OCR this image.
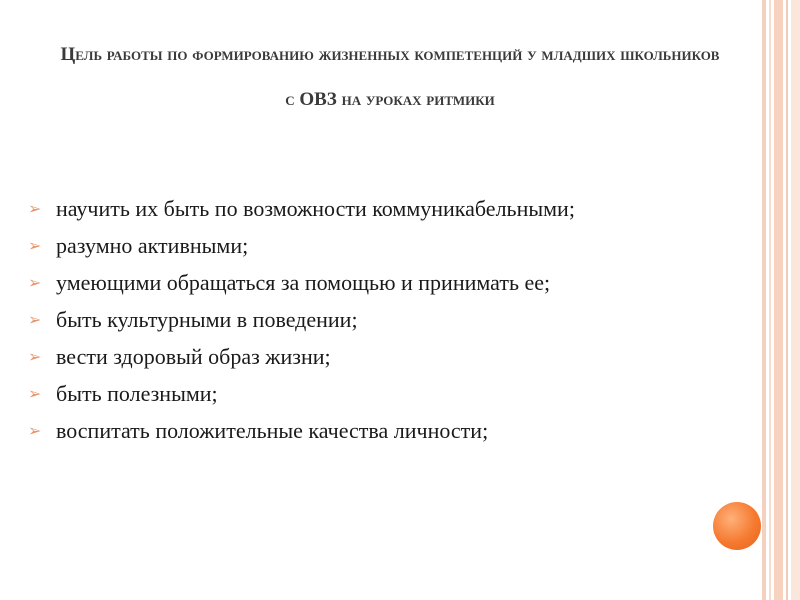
Цель работы по формированию жизненных компетенций у младших школьников с ОВЗ на уроках ритмики
➢ научить их быть по возможности коммуникабельными;
➢ разумно активными;
➢ умеющими обращаться за помощью и принимать ее;
➢ быть культурными в поведении;
➢ вести здоровый образ жизни;
➢ быть полезными;
➢ воспитать положительные качества личности;
